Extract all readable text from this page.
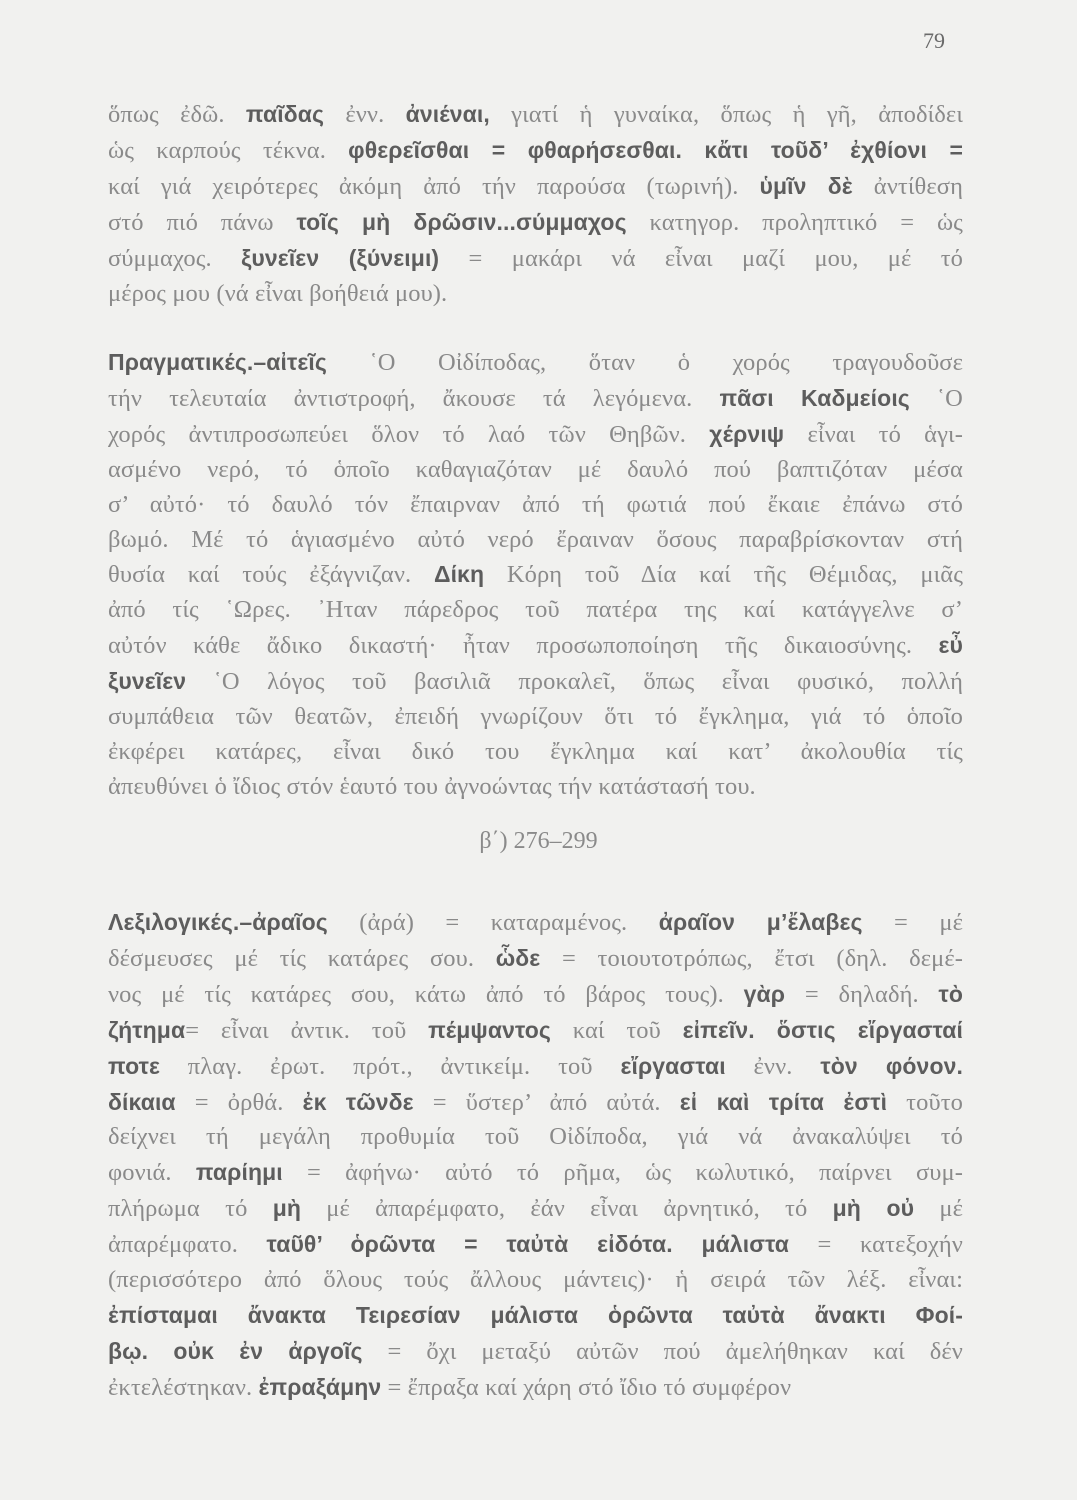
79
ὅπως ἐδῶ. παῖδας ἐνν. ἀνιέναι, γιατί ἡ γυναίκα, ὅπως ἡ γῆ, ἀποδίδει
ὡς καρπούς τέκνα. φθερεῖσθαι = φθαρήσεσθαι. κἄτι τοῦδ’ ἐχθίονι =
καί γιά χειρότερες ἀκόμη ἀπό τήν παρούσα (τωρινή). ὑμῖν δὲ ἀντίθεση
στό πιό πάνω τοῖς μὴ δρῶσιν...σύμμαχος κατηγορ. προληπτικό = ὡς
σύμμαχος. ξυνεῖεν (ξύνειμι) = μακάρι νά εἶναι μαζί μου, μέ τό
μέρος μου (νά εἶναι βοήθειά μου).
Πραγματικές.–αἰτεῖς ῾Ο Οἰδίποδας, ὅταν ὁ χορός τραγουδοῦσε
τήν τελευταία ἀντιστροφή, ἄκουσε τά λεγόμενα. πᾶσι Καδμείοις ῾Ο
χορός ἀντιπροσωπεύει ὅλον τό λαό τῶν Θηβῶν. χέρνιψ εἶναι τό ἁγι-
ασμένο νερό, τό ὁποῖο καθαγιαζόταν μέ δαυλό πού βαπτιζόταν μέσα
σ’ αὐτό· τό δαυλό τόν ἔπαιρναν ἀπό τή φωτιά πού ἔκαιε ἐπάνω στό
βωμό. Μέ τό ἁγιασμένο αὐτό νερό ἔραιναν ὅσους παραβρίσκονταν στή
θυσία καί τούς ἐξάγνιζαν. Δίκη Κόρη τοῦ Δία καί τῆς Θέμιδας, μιᾶς
ἀπό τίς ῾Ωρες. ᾿Ηταν πάρεδρος τοῦ πατέρα της καί κατάγγελνε σ’
αὐτόν κάθε ἄδικο δικαστή· ἦταν προσωποποίηση τῆς δικαιοσύνης. εὖ
ξυνεῖεν ῾Ο λόγος τοῦ βασιλιᾶ προκαλεῖ, ὅπως εἶναι φυσικό, πολλή
συμπάθεια τῶν θεατῶν, ἐπειδή γνωρίζουν ὅτι τό ἔγκλημα, γιά τό ὁποῖο
ἐκφέρει κατάρες, εἶναι δικό του ἔγκλημα καί κατ’ ἀκολουθία τίς
ἀπευθύνει ὁ ἴδιος στόν ἑαυτό του ἀγνοώντας τήν κατάστασή του.
β΄) 276–299
Λεξιλογικές.–ἀραῖος (ἀρά) = καταραμένος. ἀραῖον μ’ἔλαβες = μέ
δέσμευσες μέ τίς κατάρες σου. ὧδε = τοιουτοτρόπως, ἔτσι (δηλ. δεμέ-
νος μέ τίς κατάρες σου, κάτω ἀπό τό βάρος τους). γὰρ = δηλαδή. τὸ
ζήτημα= εἶναι ἀντικ. τοῦ πέμψαντος καί τοῦ εἰπεῖν. ὅστις εἴργασταί
ποτε πλαγ. ἐρωτ. πρότ., ἀντικείμ. τοῦ εἴργασται ἐνν. τὸν φόνον.
δίκαια = ὀρθά. ἐκ τῶνδε = ὕστερ’ ἀπό αὐτά. εἰ καὶ τρίτα ἐστὶ τοῦτο
δείχνει τή μεγάλη προθυμία τοῦ Οἰδίποδα, γιά νά ἀνακαλύψει τό
φονιά. παρίημι = ἀφήνω· αὐτό τό ρῆμα, ὡς κωλυτικό, παίρνει συμ-
πλήρωμα τό μὴ μέ ἀπαρέμφατο, ἐάν εἶναι ἀρνητικό, τό μὴ οὐ μέ
ἀπαρέμφατο. ταῦθ’ ὁρῶντα = ταὐτὰ εἰδότα. μάλιστα = κατεξοχήν
(περισσότερο ἀπό ὅλους τούς ἄλλους μάντεις)· ἡ σειρά τῶν λέξ. εἶναι:
ἐπίσταμαι ἄνακτα Τειρεσίαν μάλιστα ὁρῶντα ταὐτὰ ἄνακτι Φοί-
βῳ. οὐκ ἐν ἀργοῖς = ὄχι μεταξύ αὐτῶν πού ἀμελήθηκαν καί δέν
ἐκτελέστηκαν. ἐπραξάμην = ἔπραξα καί χάρη στό ἴδιο τό συμφέρον
